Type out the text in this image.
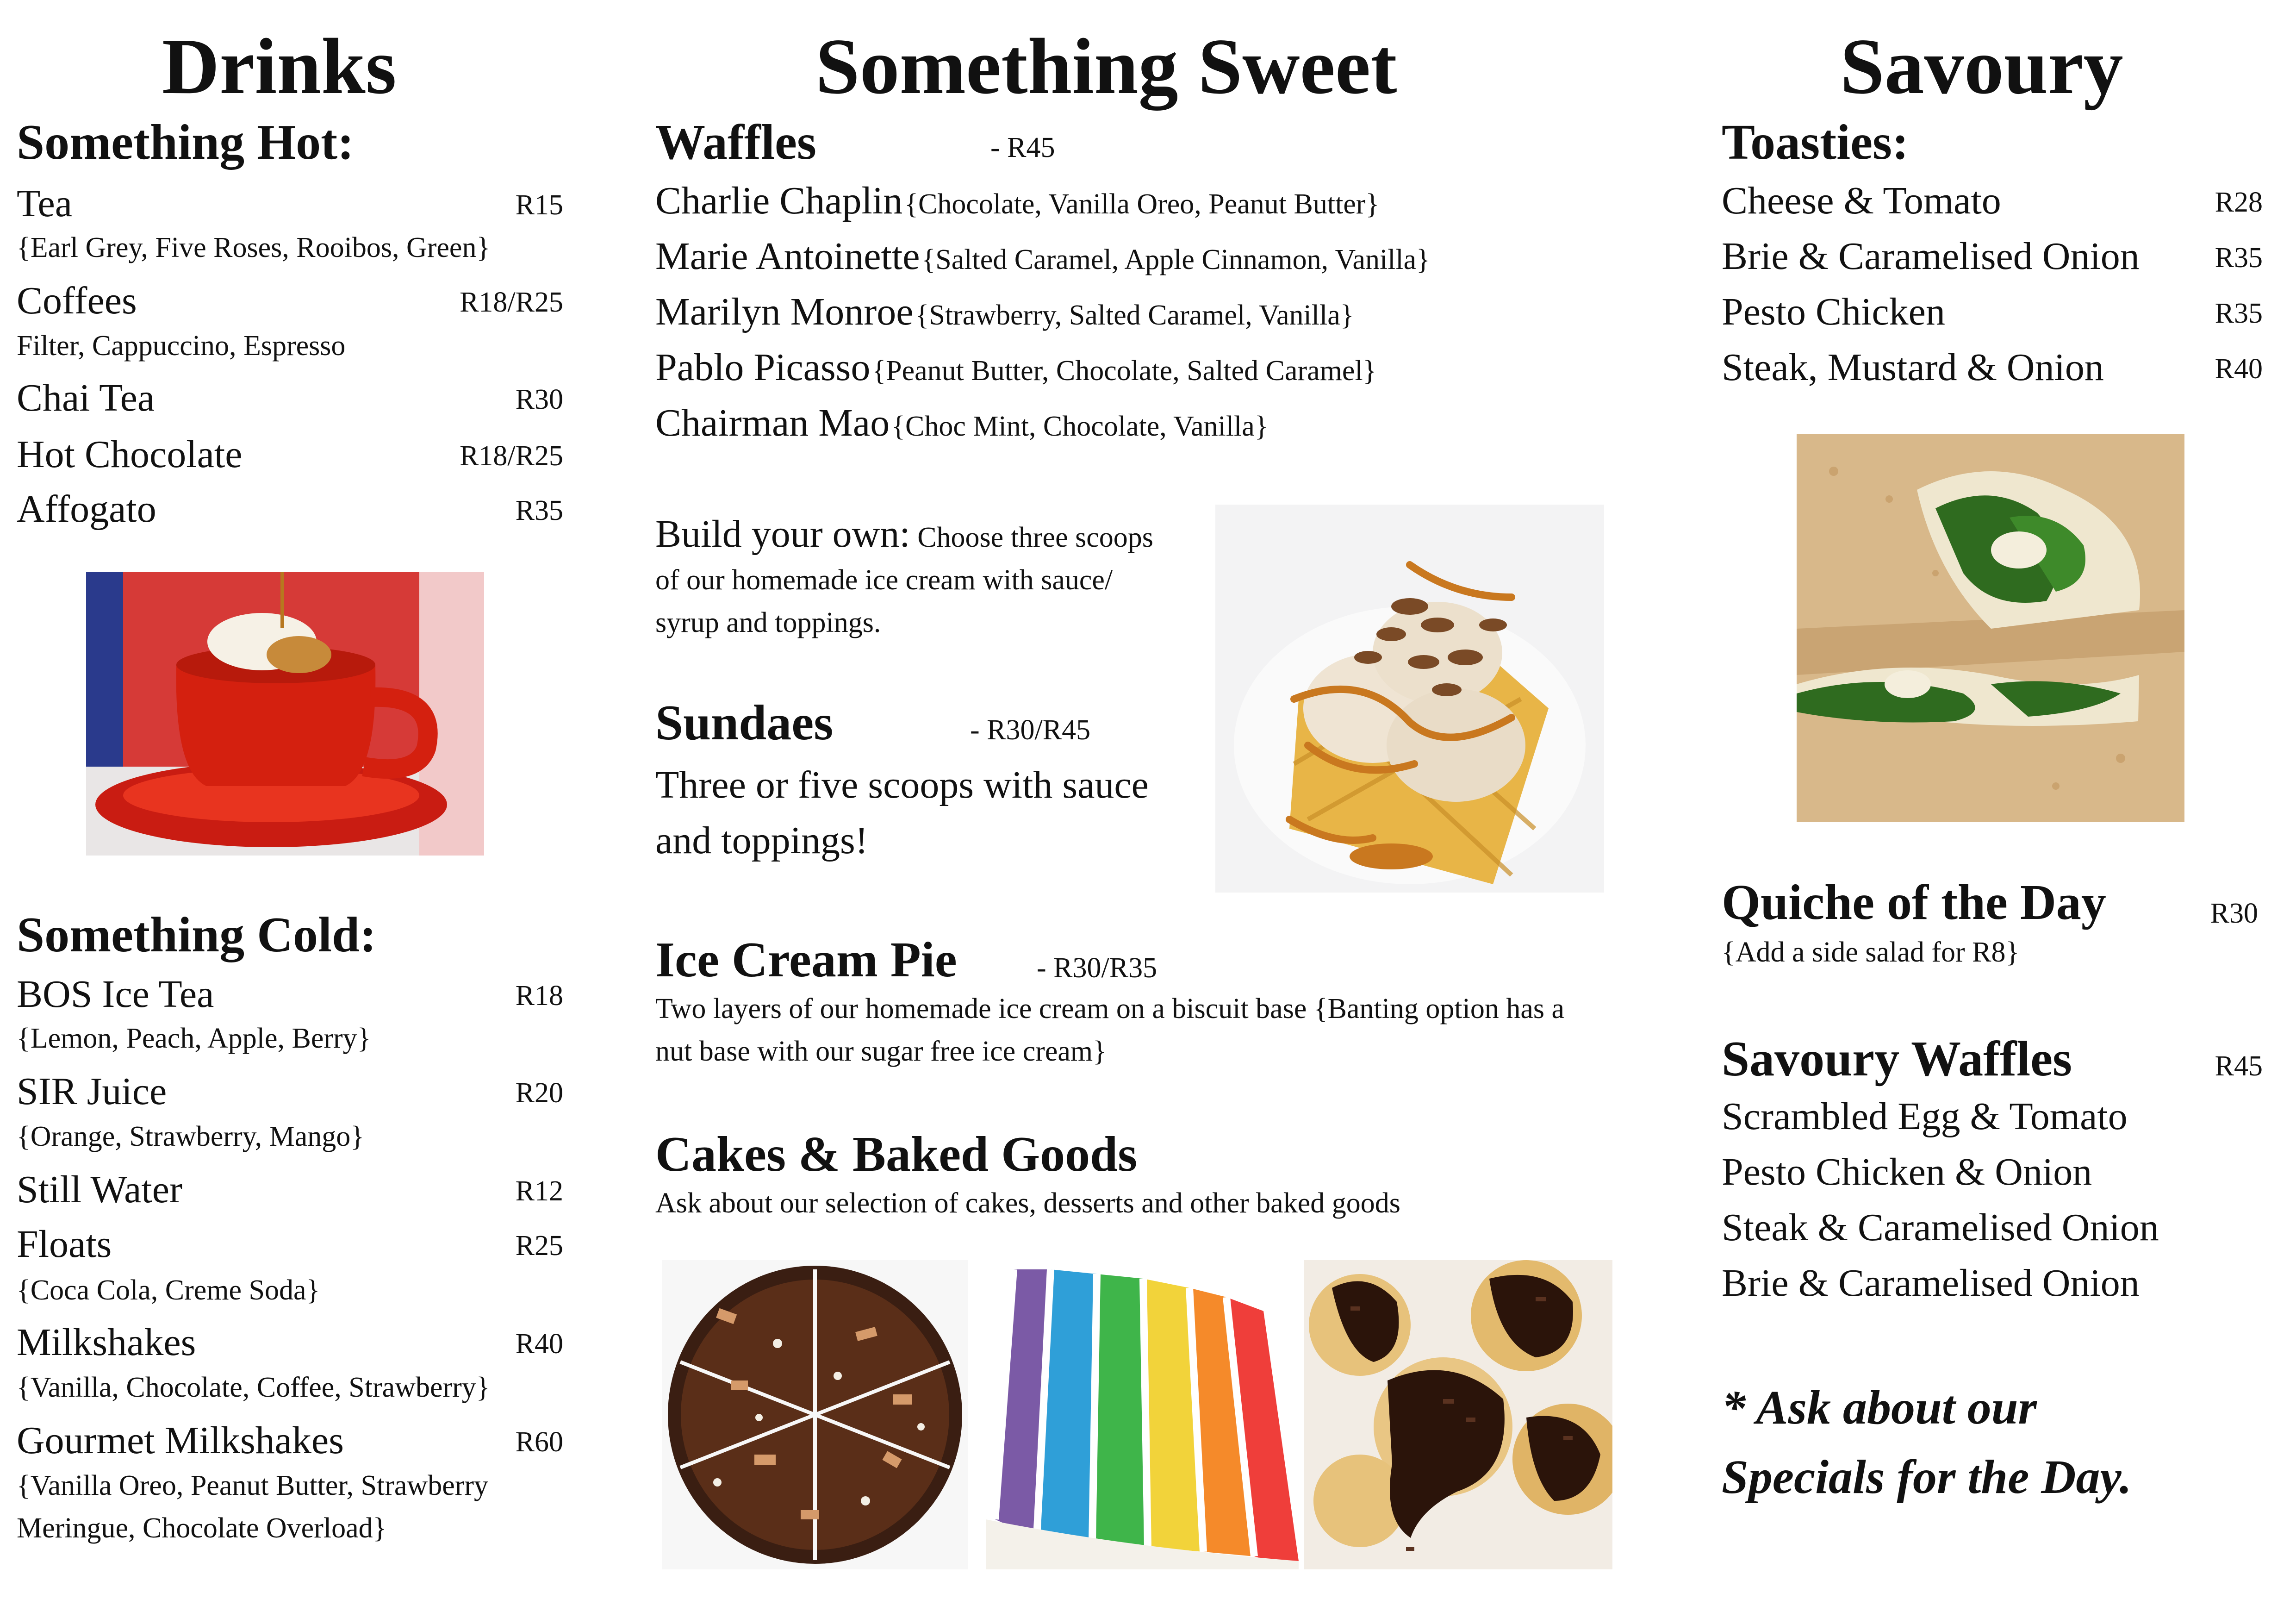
Drinks
Something Hot:
Tea	R15
{Earl Grey, Five Roses, Rooibos, Green}
Coffees	R18/R25
Filter, Cappuccino, Espresso
Chai Tea	R30
Hot Chocolate	R18/R25
Affogato	R35
Something Cold:
BOS Ice Tea	R18
{Lemon, Peach, Apple, Berry}
SIR Juice	R20
{Orange, Strawberry, Mango}
Still Water	R12
Floats	R25
{Coca Cola, Creme Soda}
Milkshakes	R40
{Vanilla, Chocolate, Coffee, Strawberry}
Gourmet Milkshakes	R60
{Vanilla Oreo, Peanut Butter, Strawberry
Meringue, Chocolate Overload}
Something Sweet
Waffles	- R45
Charlie Chaplin {Chocolate, Vanilla Oreo, Peanut Butter}
Marie Antoinette {Salted Caramel, Apple Cinnamon, Vanilla}
Marilyn Monroe {Strawberry, Salted Caramel, Vanilla}
Pablo Picasso {Peanut Butter, Chocolate, Salted Caramel}
Chairman Mao {Choc Mint, Chocolate, Vanilla}
Build your own: Choose three scoops
of our homemade ice cream with sauce/
syrup and toppings.
Sundaes	- R30/R45
Three or five scoops with sauce
and toppings!
Ice Cream Pie	- R30/R35
Two layers of our homemade ice cream on a biscuit base {Banting option has a
nut base with our sugar free ice cream}
Cakes & Baked Goods
Ask about our selection of cakes, desserts and other baked goods
Savoury
Toasties:
Cheese & Tomato	R28
Brie & Caramelised Onion	R35
Pesto Chicken	R35
Steak, Mustard & Onion	R40
Quiche of the Day	R30
{Add a side salad for R8}
Savoury Waffles	R45
Scrambled Egg & Tomato
Pesto Chicken & Onion
Steak & Caramelised Onion
Brie & Caramelised Onion
* Ask about our
Specials for the Day.
